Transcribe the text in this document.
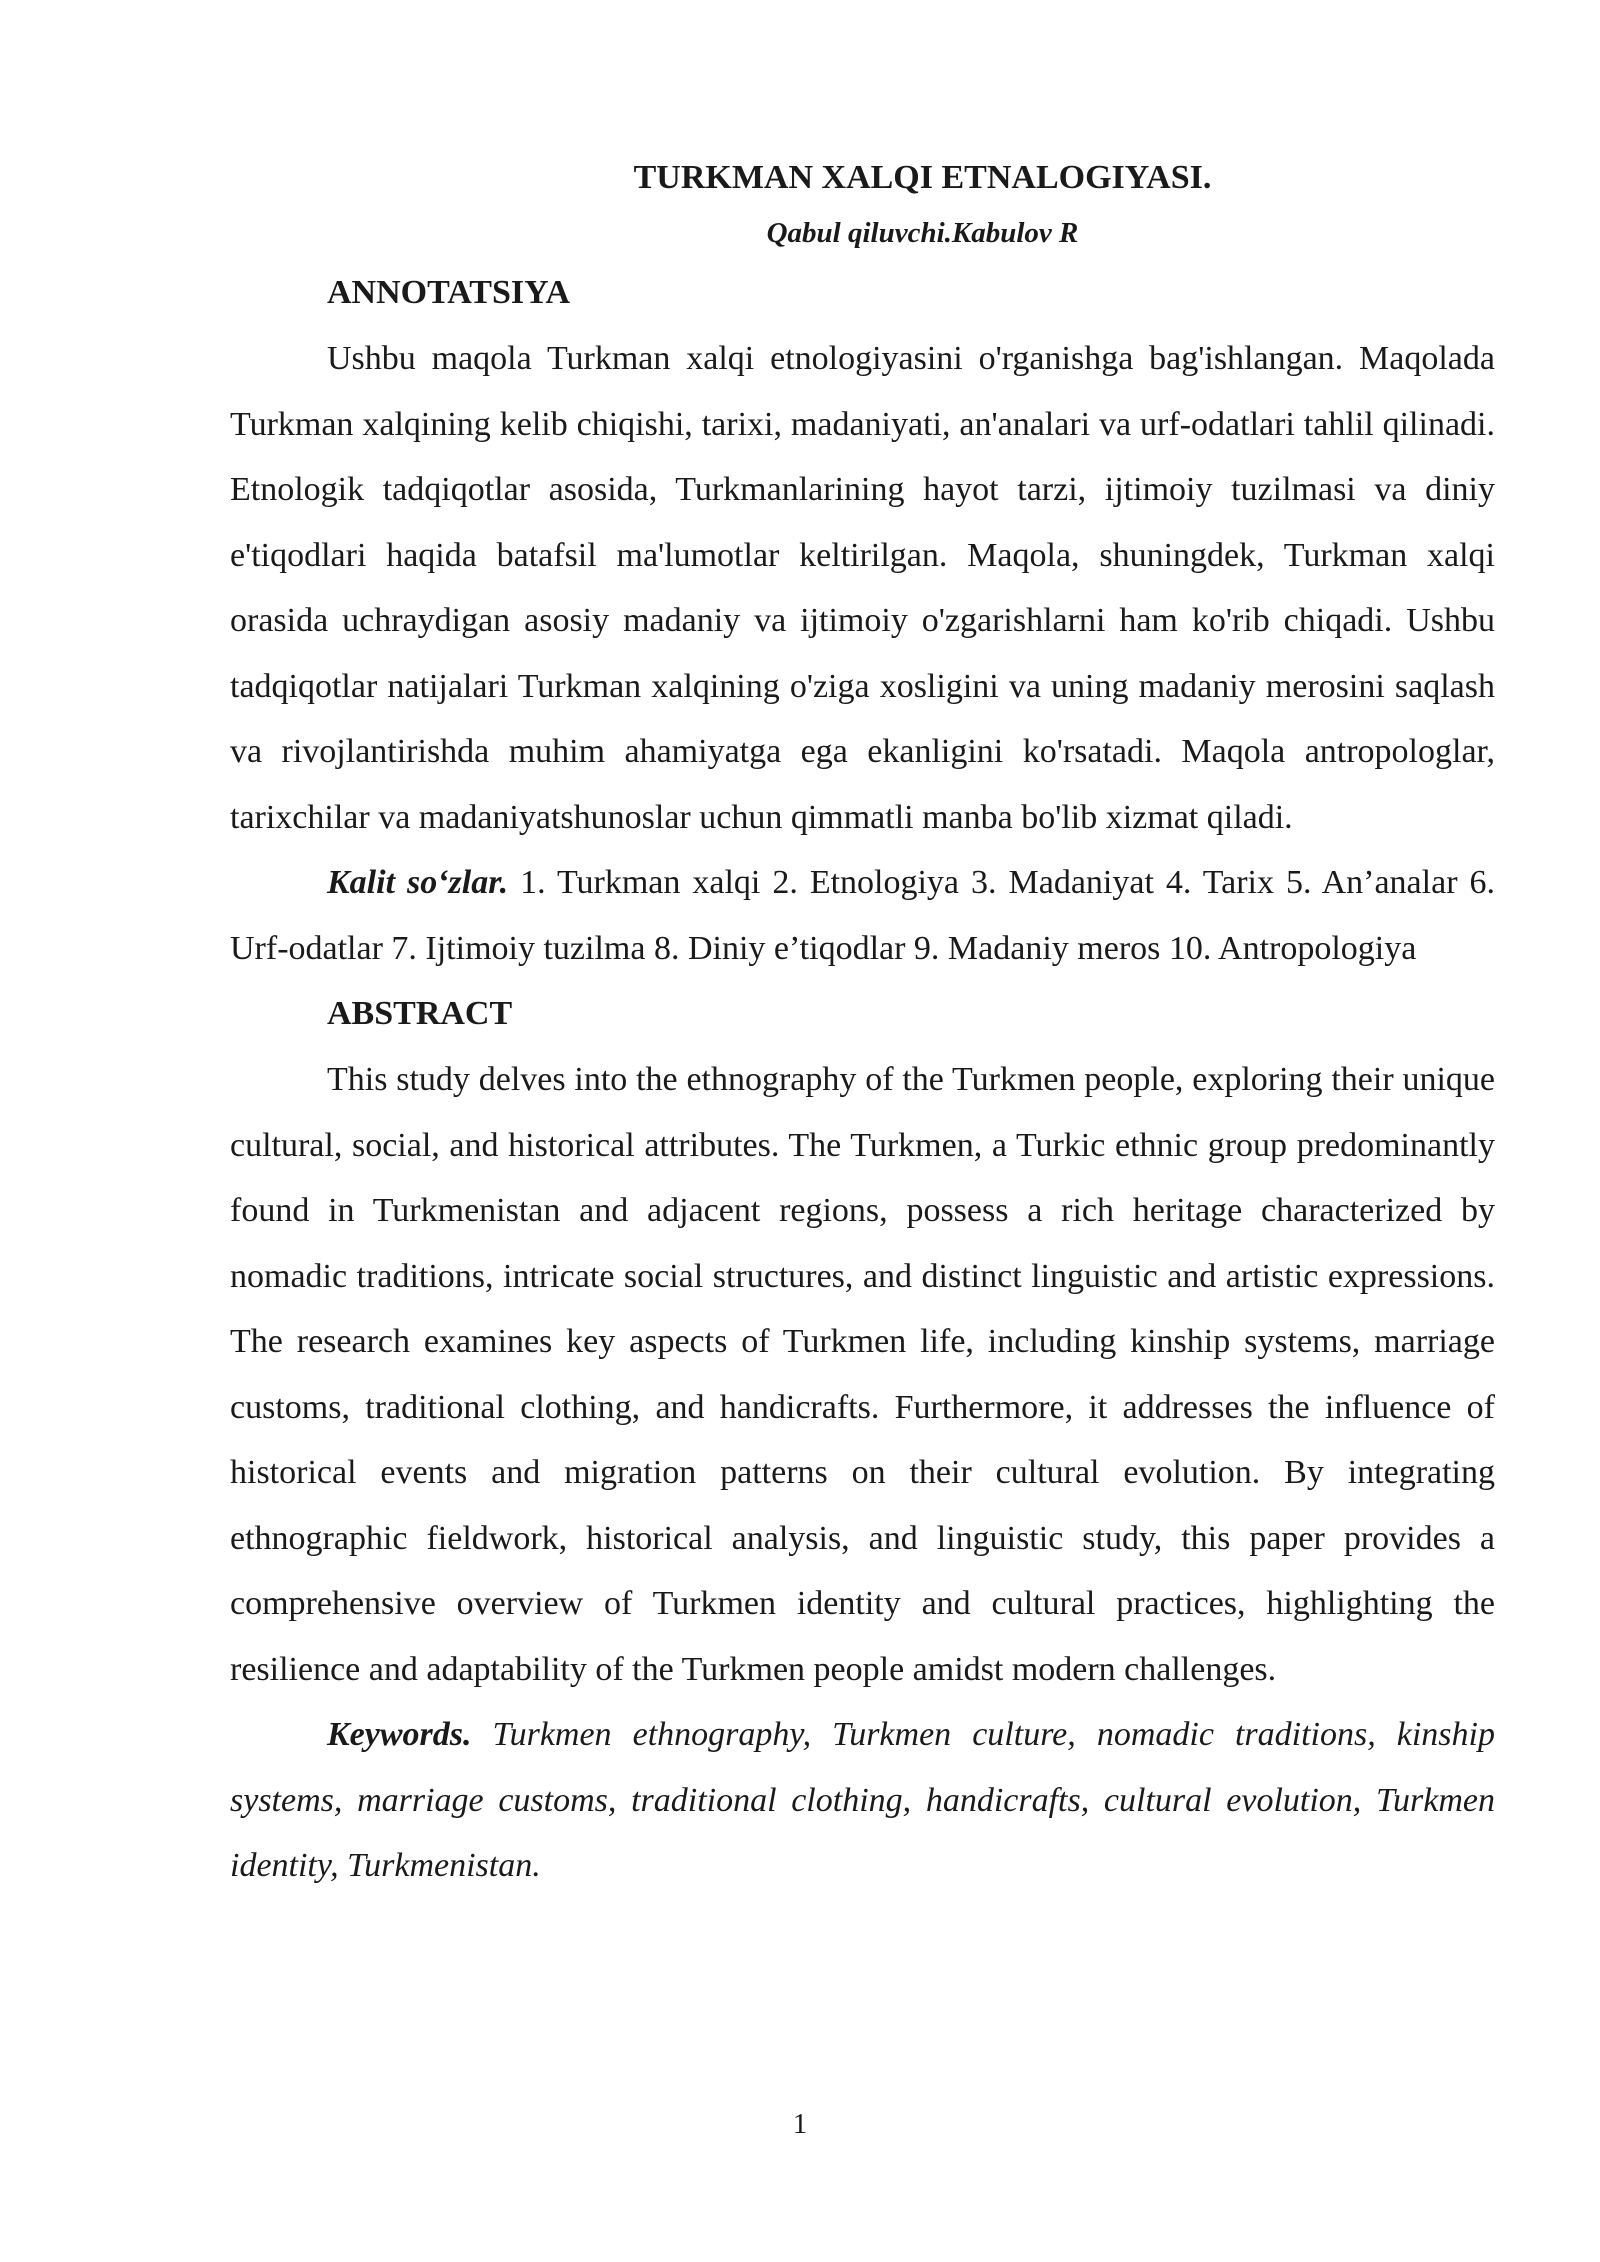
TURKMAN XALQI ETNALOGIYASI.

Qabul qiluvchi.Kabulov R

ANNOTATSIYA

Ushbu maqola Turkman xalqi etnologiyasini o'rganishga bag'ishlangan. Maqolada Turkman xalqining kelib chiqishi, tarixi, madaniyati, an'analari va urf-odatlari tahlil qilinadi. Etnologik tadqiqotlar asosida, Turkmanlarining hayot tarzi, ijtimoiy tuzilmasi va diniy e'tiqodlari haqida batafsil ma'lumotlar keltirilgan. Maqola, shuningdek, Turkman xalqi orasida uchraydigan asosiy madaniy va ijtimoiy o'zgarishlarni ham ko'rib chiqadi. Ushbu tadqiqotlar natijalari Turkman xalqining o'ziga xosligini va uning madaniy merosini saqlash va rivojlantirishda muhim ahamiyatga ega ekanligini ko'rsatadi. Maqola antropologlar, tarixchilar va madaniyatshunoslar uchun qimmatli manba bo'lib xizmat qiladi.

Kalit so‘zlar. 1. Turkman xalqi 2. Etnologiya 3. Madaniyat 4. Tarix 5. An’analar 6. Urf-odatlar 7. Ijtimoiy tuzilma 8. Diniy e’tiqodlar 9. Madaniy meros 10. Antropologiya

ABSTRACT

This study delves into the ethnography of the Turkmen people, exploring their unique cultural, social, and historical attributes. The Turkmen, a Turkic ethnic group predominantly found in Turkmenistan and adjacent regions, possess a rich heritage characterized by nomadic traditions, intricate social structures, and distinct linguistic and artistic expressions. The research examines key aspects of Turkmen life, including kinship systems, marriage customs, traditional clothing, and handicrafts. Furthermore, it addresses the influence of historical events and migration patterns on their cultural evolution. By integrating ethnographic fieldwork, historical analysis, and linguistic study, this paper provides a comprehensive overview of Turkmen identity and cultural practices, highlighting the resilience and adaptability of the Turkmen people amidst modern challenges.

Keywords. Turkmen ethnography, Turkmen culture, nomadic traditions, kinship systems, marriage customs, traditional clothing, handicrafts, cultural evolution, Turkmen identity, Turkmenistan.

1
